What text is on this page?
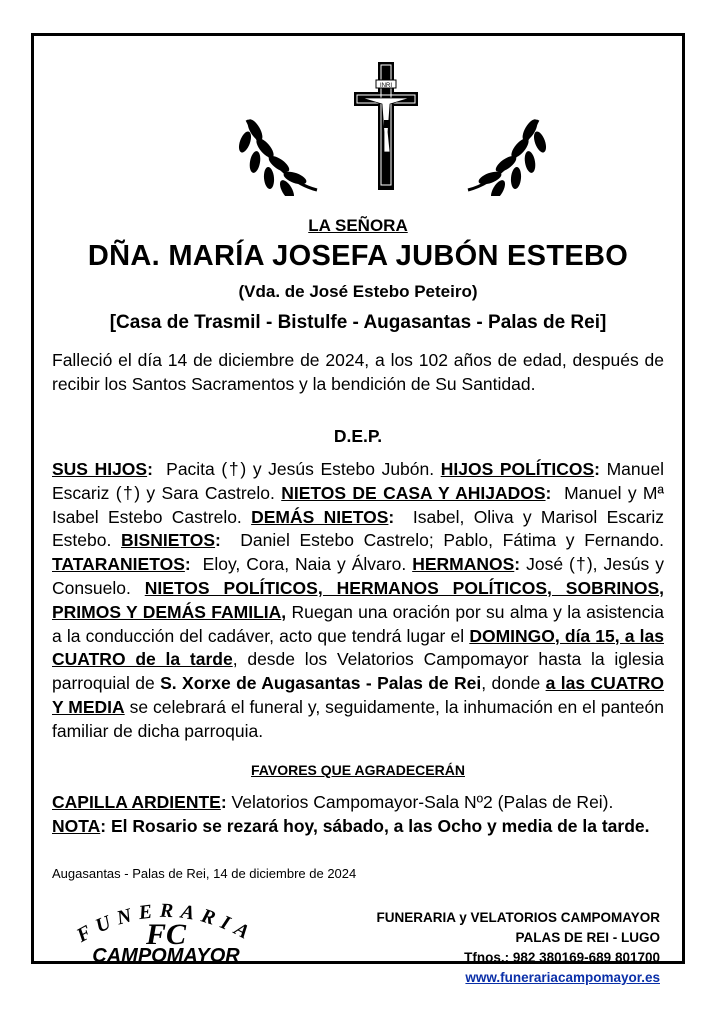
INRI
LA SEÑORA
DÑA. MARÍA JOSEFA JUBÓN ESTEBO
(Vda. de José Estebo Peteiro)
[Casa de Trasmil - Bistulfe - Augasantas - Palas de Rei]
Falleció el día 14 de diciembre de 2024, a los 102 años de edad, después de recibir los Santos Sacramentos y la bendición de Su Santidad.
D.E.P.
SUS HIJOS: Pacita (†) y Jesús Estebo Jubón. HIJOS POLÍTICOS: Manuel Escariz (†) y Sara Castrelo. NIETOS DE CASA Y AHIJADOS: Manuel y Mª Isabel Estebo Castrelo. DEMÁS NIETOS: Isabel, Oliva y Marisol Escariz Estebo. BISNIETOS: Daniel Estebo Castrelo; Pablo, Fátima y Fernando. TATARANIETOS: Eloy, Cora, Naia y Álvaro. HERMANOS: José (†), Jesús y Consuelo. NIETOS POLÍTICOS, HERMANOS POLÍTICOS, SOBRINOS, PRIMOS Y DEMÁS FAMILIA, Ruegan una oración por su alma y la asistencia a la conducción del cadáver, acto que tendrá lugar el DOMINGO, día 15, a las CUATRO de la tarde, desde los Velatorios Campomayor hasta la iglesia parroquial de S. Xorxe de Augasantas - Palas de Rei, donde a las CUATRO Y MEDIA se celebrará el funeral y, seguidamente, la inhumación en el panteón familiar de dicha parroquia.
FAVORES QUE AGRADECERÁN
CAPILLA ARDIENTE: Velatorios Campomayor-Sala Nº2 (Palas de Rei).
NOTA: El Rosario se rezará hoy, sábado, a las Ocho y media de la tarde.
Augasantas - Palas de Rei, 14 de diciembre de 2024
FUNERARIA
FC
CAMPOMAYOR
FUNERARIA y VELATORIOS CAMPOMAYOR
PALAS DE REI - LUGO
Tfnos.: 982 380169-689 801700
www.funerariacampomayor.es
